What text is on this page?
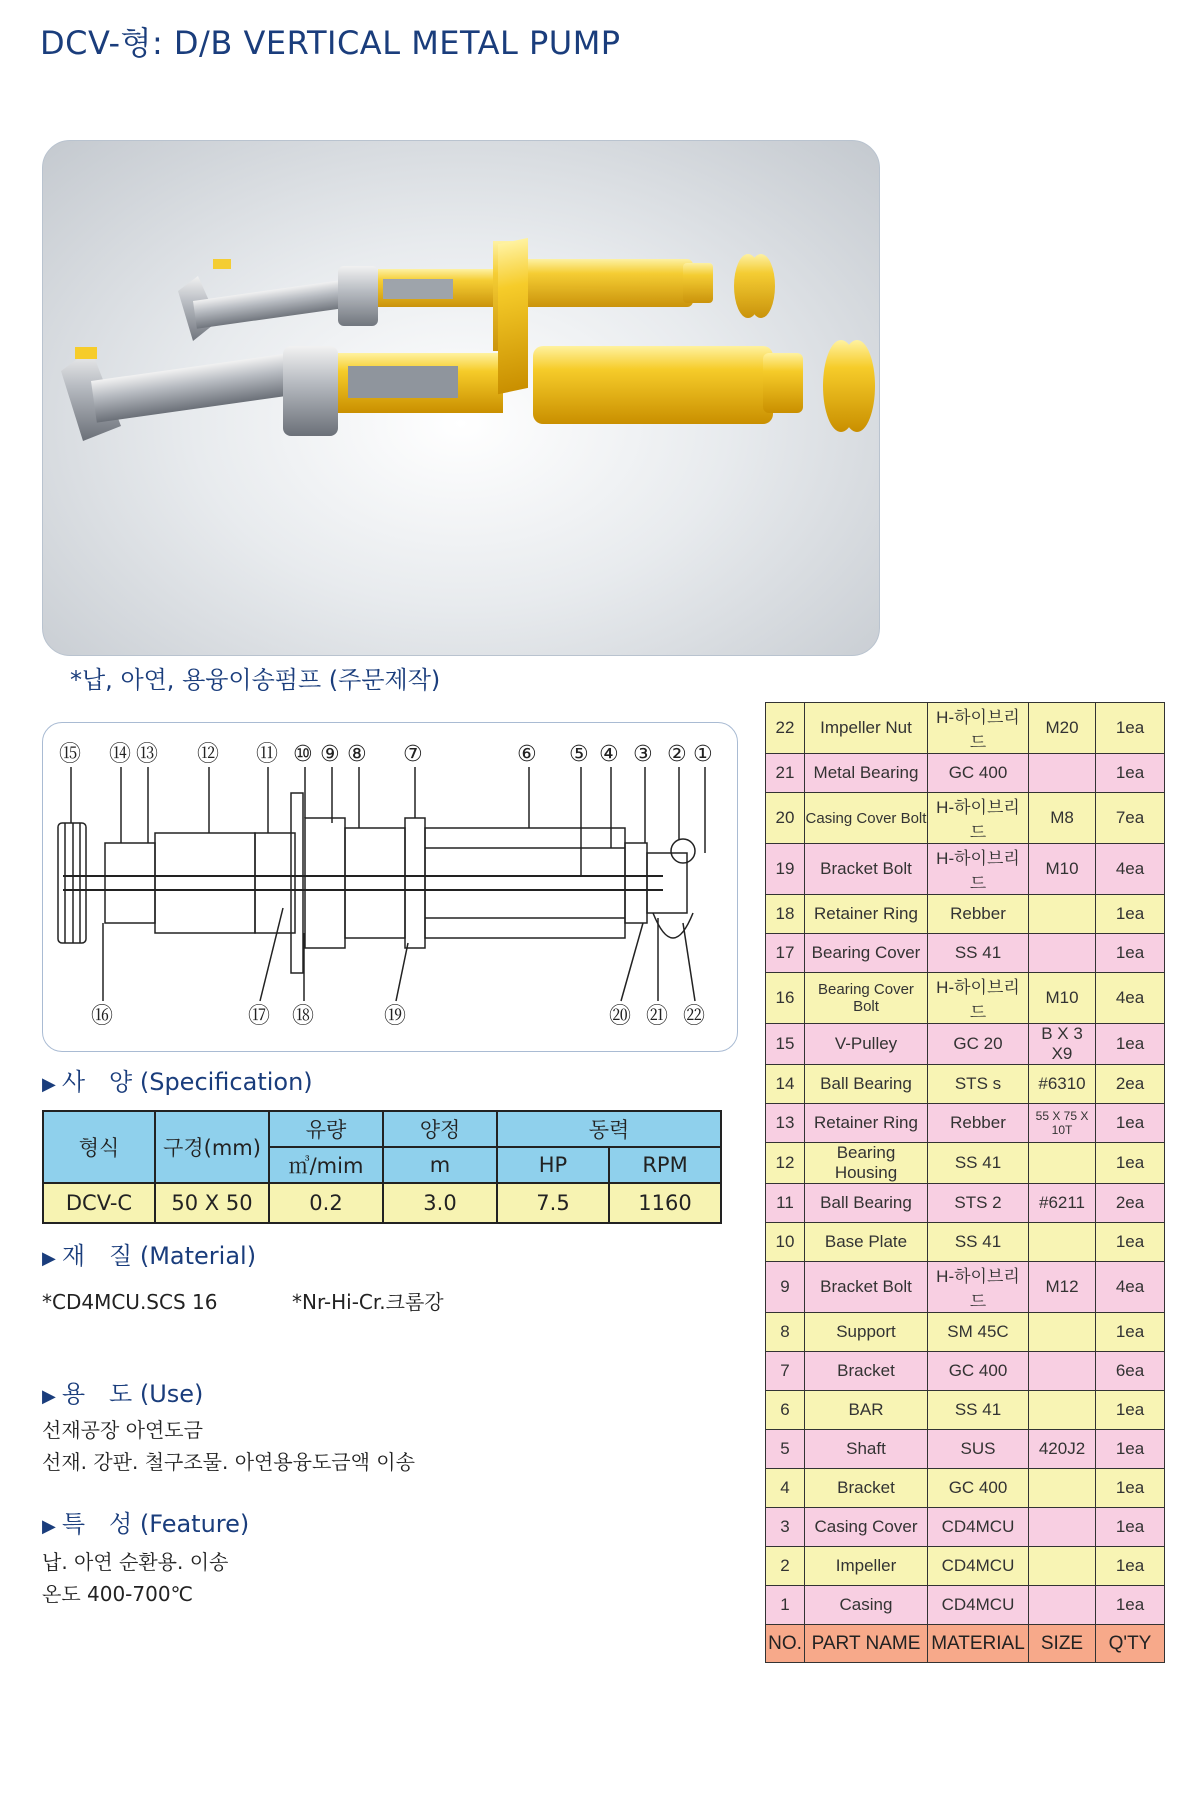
DCV-형: D/B VERTICAL METAL PUMP
*납, 아연, 용융이송펌프 (주문제작)
⑮ ⑭ ⑬ ⑫ ⑪ ⑩ ⑨ ⑧ ⑦	⑥ ⑤ ④ ③ ② ①
⑯	⑰ ⑱	⑲	⑳ ㉑ ㉒
▶ 사　양 (Specification)
형식	구경(mm)	유량	양정	동력	
		㎥/mim	m	HP	RPM
DCV-C	50 X 50	0.2	3.0	7.5	1160
▶ 재　질 (Material)
*CD4MCU.SCS 16	*Nr-Hi-Cr.크롬강
▶ 용　도 (Use)
선재공장 아연도금
선재. 강판. 철구조물. 아연용융도금액 이송
▶ 특　성 (Feature)
납. 아연 순환용. 이송
온도 400-700℃
22	Impeller Nut	H-하이브리드	M20	1ea
21	Metal Bearing	GC 400		1ea
20	Casing Cover Bolt	H-하이브리드	M8	7ea
19	Bracket Bolt	H-하이브리드	M10	4ea
18	Retainer Ring	Rebber		1ea
17	Bearing Cover	SS 41		1ea
16	Bearing Cover Bolt	H-하이브리드	M10	4ea
15	V-Pulley	GC 20	B X 3 X9	1ea
14	Ball Bearing	STS s	#6310	2ea
13	Retainer Ring	Rebber	55 X 75 X 10T	1ea
12	Bearing Housing	SS 41		1ea
11	Ball Bearing	STS 2	#6211	2ea
10	Base Plate	SS 41		1ea
9	Bracket Bolt	H-하이브리드	M12	4ea
8	Support	SM 45C		1ea
7	Bracket	GC 400		6ea
6	BAR	SS 41		1ea
5	Shaft	SUS	420J2	1ea
4	Bracket	GC 400		1ea
3	Casing Cover	CD4MCU		1ea
2	Impeller	CD4MCU		1ea
1	Casing	CD4MCU		1ea
NO.	PART NAME	MATERIAL	SIZE	Q'TY
